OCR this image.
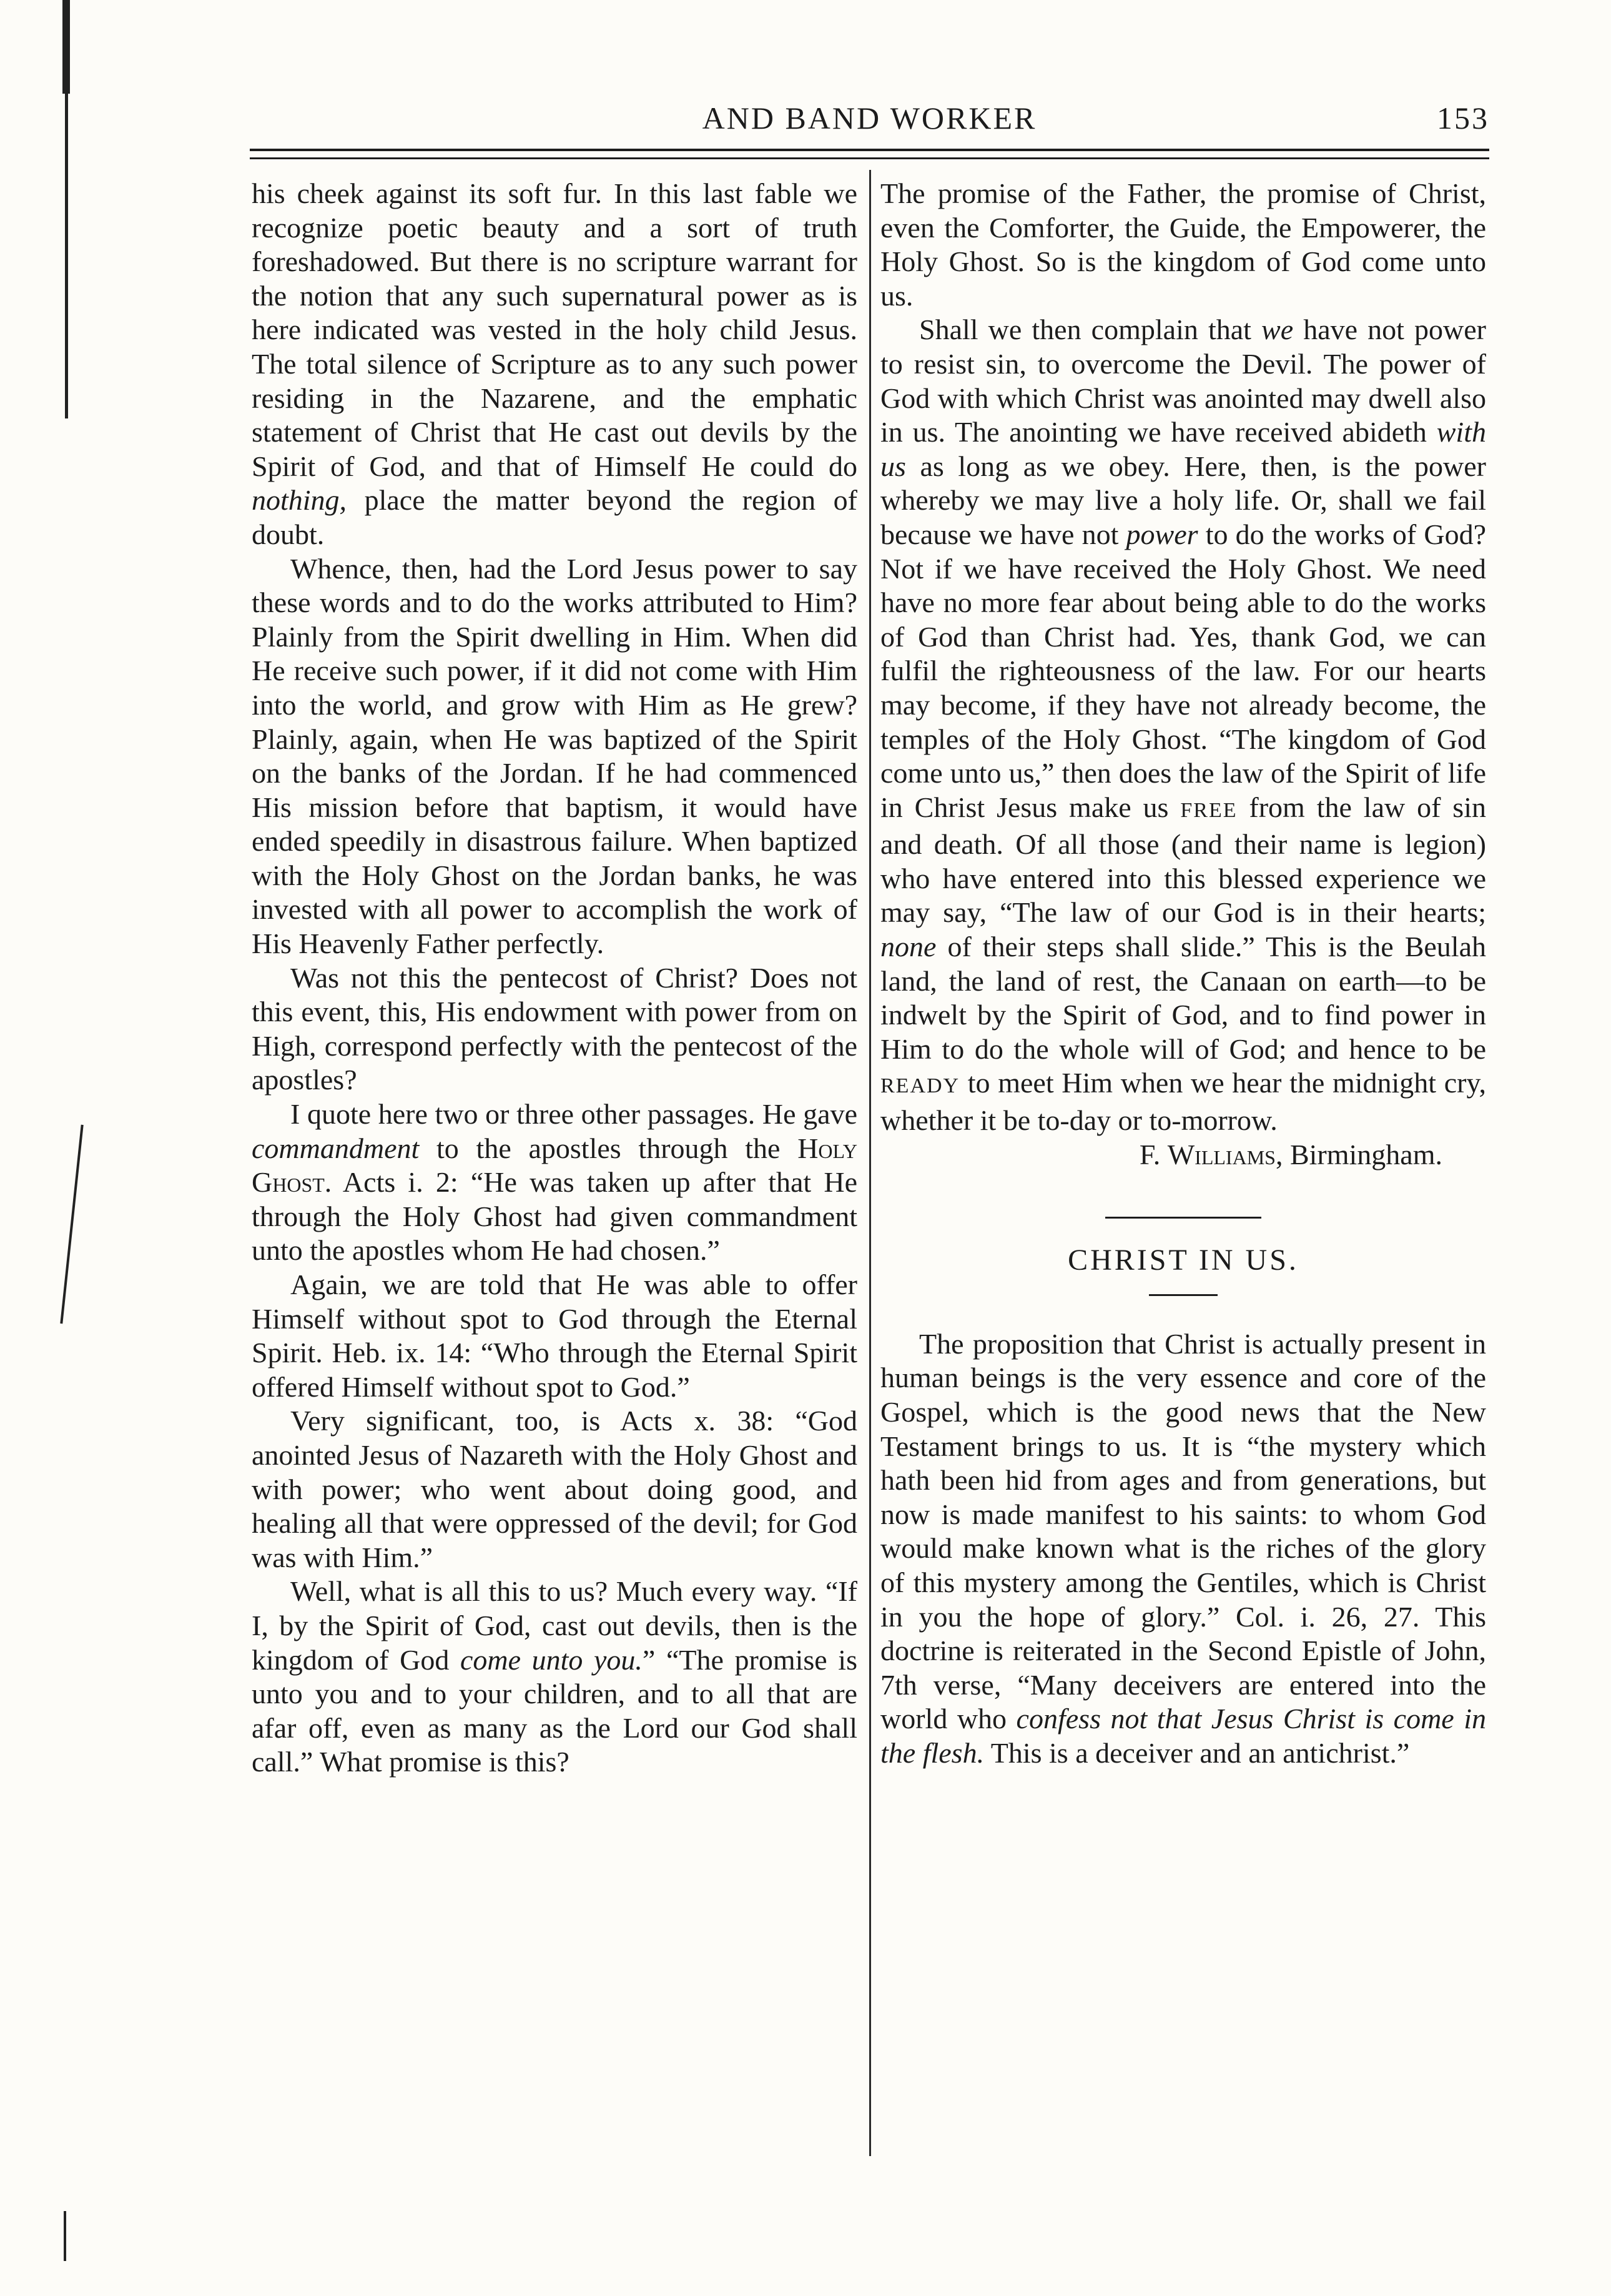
AND BAND WORKER	153

his cheek against its soft fur. In this last fable we recognize poetic beauty and a sort of truth foreshadowed. But there is no scripture warrant for the notion that any such supernatural power as is here indicated was vested in the holy child Jesus. The total silence of Scripture as to any such power residing in the Nazarene, and the emphatic statement of Christ that He cast out devils by the Spirit of God, and that of Himself He could do nothing, place the matter beyond the region of doubt.

Whence, then, had the Lord Jesus power to say these words and to do the works attributed to Him? Plainly from the Spirit dwelling in Him. When did He receive such power, if it did not come with Him into the world, and grow with Him as He grew? Plainly, again, when He was baptized of the Spirit on the banks of the Jordan. If he had commenced His mission before that baptism, it would have ended speedily in disastrous failure. When baptized with the Holy Ghost on the Jordan banks, he was invested with all power to accomplish the work of His Heavenly Father perfectly.

Was not this the pentecost of Christ? Does not this event, this, His endowment with power from on High, correspond perfectly with the pentecost of the apostles?

I quote here two or three other passages. He gave commandment to the apostles through the Holy Ghost. Acts i. 2: “He was taken up after that He through the Holy Ghost had given commandment unto the apostles whom He had chosen.”

Again, we are told that He was able to offer Himself without spot to God through the Eternal Spirit. Heb. ix. 14: “Who through the Eternal Spirit offered Himself without spot to God.”

Very significant, too, is Acts x. 38: “God anointed Jesus of Nazareth with the Holy Ghost and with power; who went about doing good, and healing all that were oppressed of the devil; for God was with Him.”

Well, what is all this to us? Much every way. “If I, by the Spirit of God, cast out devils, then is the kingdom of God come unto you.” “The promise is unto you and to your children, and to all that are afar off, even as many as the Lord our God shall call.” What promise is this?

The promise of the Father, the promise of Christ, even the Comforter, the Guide, the Empowerer, the Holy Ghost. So is the kingdom of God come unto us.

Shall we then complain that we have not power to resist sin, to overcome the Devil. The power of God with which Christ was anointed may dwell also in us. The anointing we have received abideth with us as long as we obey. Here, then, is the power whereby we may live a holy life. Or, shall we fail because we have not power to do the works of God? Not if we have received the Holy Ghost. We need have no more fear about being able to do the works of God than Christ had. Yes, thank God, we can fulfil the righteousness of the law. For our hearts may become, if they have not already become, the temples of the Holy Ghost. “The kingdom of God come unto us,” then does the law of the Spirit of life in Christ Jesus make us FREE from the law of sin and death. Of all those (and their name is legion) who have entered into this blessed experience we may say, “The law of our God is in their hearts; none of their steps shall slide.” This is the Beulah land, the land of rest, the Canaan on earth—to be indwelt by the Spirit of God, and to find power in Him to do the whole will of God; and hence to be READY to meet Him when we hear the midnight cry, whether it be to-day or to-morrow.

F. Williams, Birmingham.

CHRIST IN US.

The proposition that Christ is actually present in human beings is the very essence and core of the Gospel, which is the good news that the New Testament brings to us. It is “the mystery which hath been hid from ages and from generations, but now is made manifest to his saints: to whom God would make known what is the riches of the glory of this mystery among the Gentiles, which is Christ in you the hope of glory.” Col. i. 26, 27. This doctrine is reiterated in the Second Epistle of John, 7th verse, “Many deceivers are entered into the world who confess not that Jesus Christ is come in the flesh. This is a deceiver and an antichrist.”
